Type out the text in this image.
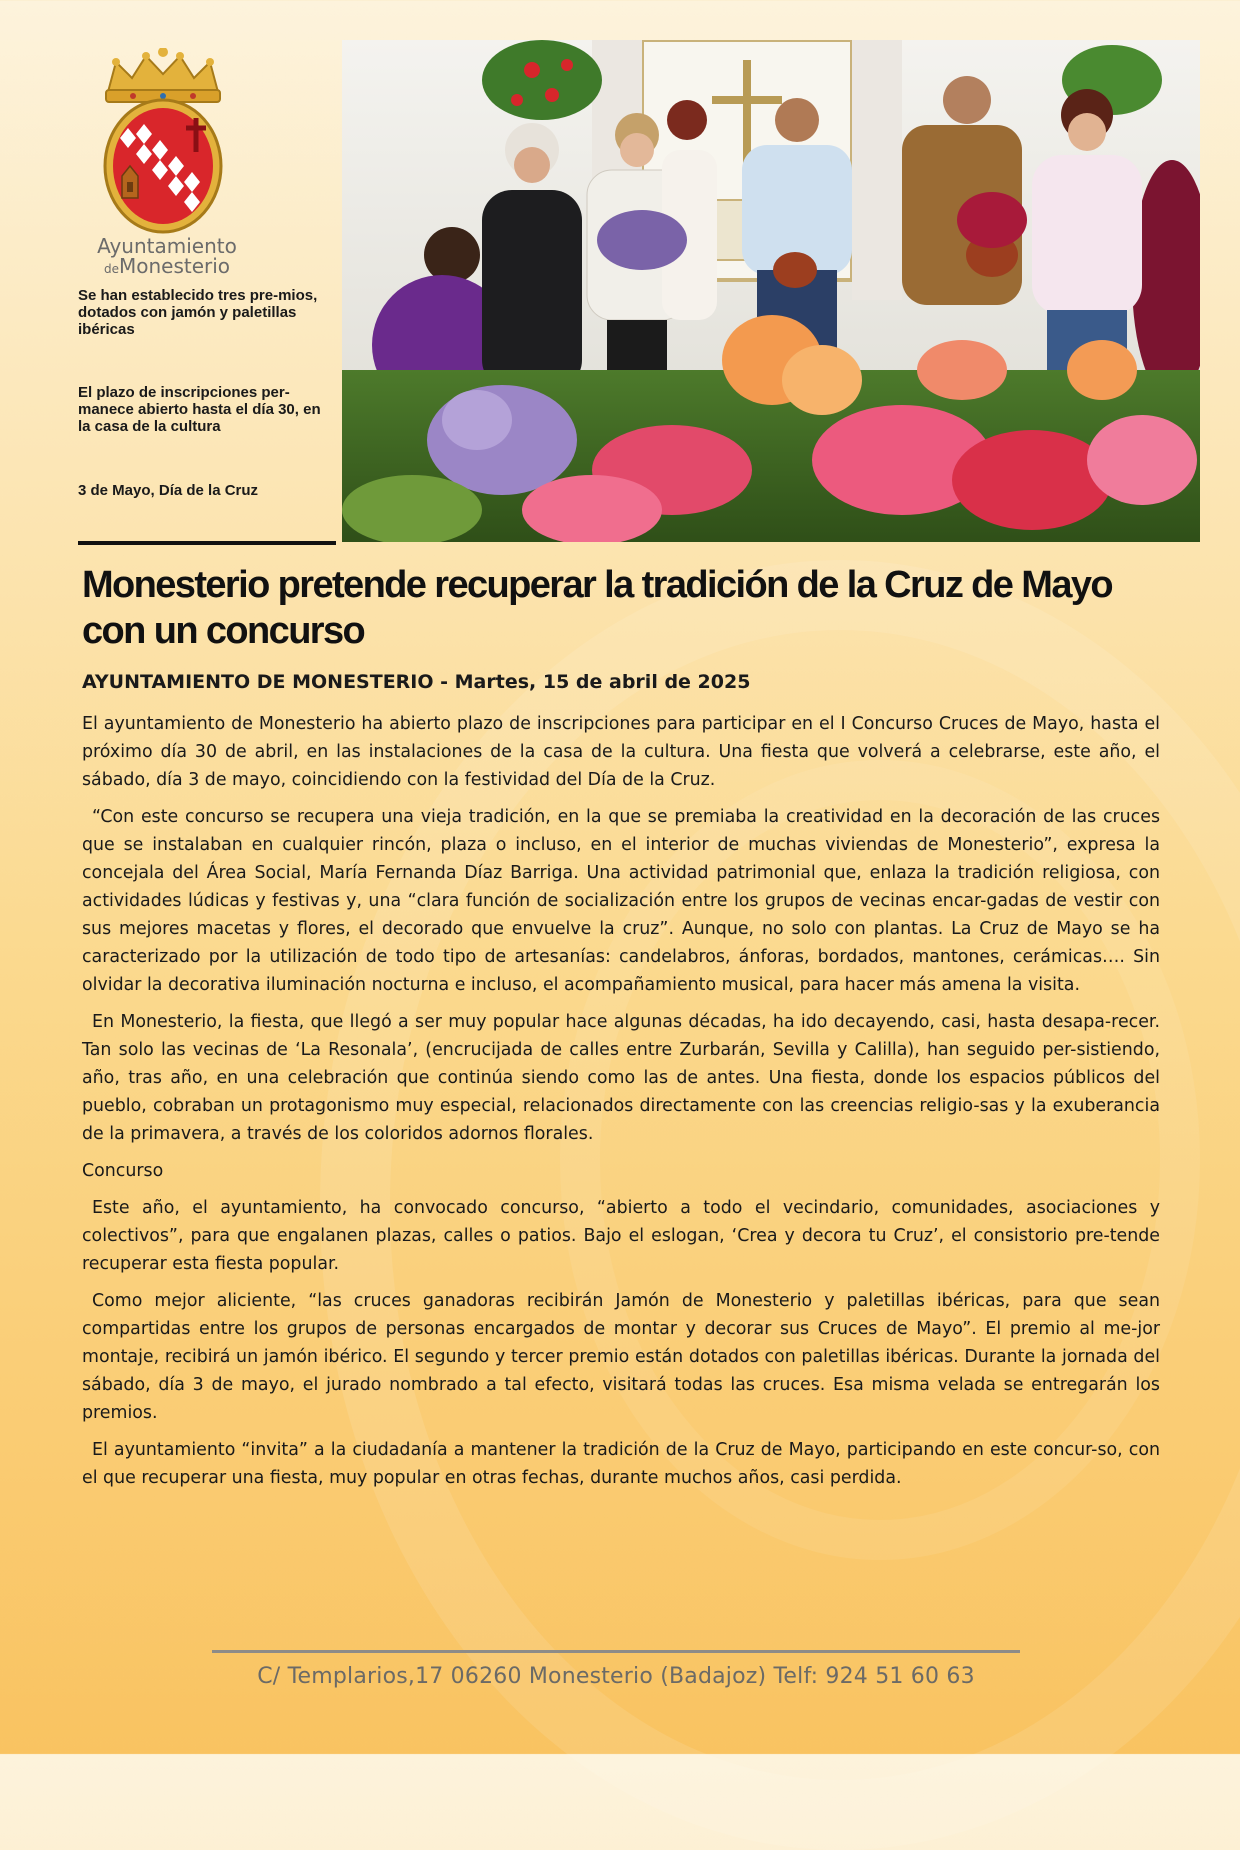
Ayuntamiento
deMonesterio
Se han establecido tres pre-mios, dotados con jamón y paletillas ibéricas
El plazo de inscripciones per-manece abierto hasta el día 30, en la casa de la cultura
3 de Mayo, Día de la Cruz
Monesterio pretende recuperar la tradición de la Cruz de Mayo con un concurso

AYUNTAMIENTO DE MONESTERIO - Martes, 15 de abril de 2025

El ayuntamiento de Monesterio ha abierto plazo de inscripciones para participar en el I Concurso Cruces de Mayo, hasta el próximo día 30 de abril, en las instalaciones de la casa de la cultura. Una fiesta que volverá a celebrarse, este año, el sábado, día 3 de mayo, coincidiendo con la festividad del Día de la Cruz.

“Con este concurso se recupera una vieja tradición, en la que se premiaba la creatividad en la decoración de las cruces que se instalaban en cualquier rincón, plaza o incluso, en el interior de muchas viviendas de Monesterio”, expresa la concejala del Área Social, María Fernanda Díaz Barriga. Una actividad patrimonial que, enlaza la tradición religiosa, con actividades lúdicas y festivas y, una “clara función de socialización entre los grupos de vecinas encar-gadas de vestir con sus mejores macetas y flores, el decorado que envuelve la cruz”. Aunque, no solo con plantas. La Cruz de Mayo se ha caracterizado por la utilización de todo tipo de artesanías: candelabros, ánforas, bordados, mantones, cerámicas…. Sin olvidar la decorativa iluminación nocturna e incluso, el acompañamiento musical, para hacer más amena la visita.

En Monesterio, la fiesta, que llegó a ser muy popular hace algunas décadas, ha ido decayendo, casi, hasta desapa-recer. Tan solo las vecinas de ‘La Resonala’, (encrucijada de calles entre Zurbarán, Sevilla y Calilla), han seguido per-sistiendo, año, tras año, en una celebración que continúa siendo como las de antes. Una fiesta, donde los espacios públicos del pueblo, cobraban un protagonismo muy especial, relacionados directamente con las creencias religio-sas y la exuberancia de la primavera, a través de los coloridos adornos florales.

Concurso

Este año, el ayuntamiento, ha convocado concurso, “abierto a todo el vecindario, comunidades, asociaciones y colectivos”, para que engalanen plazas, calles o patios. Bajo el eslogan, ‘Crea y decora tu Cruz’, el consistorio pre-tende recuperar esta fiesta popular.

Como mejor aliciente, “las cruces ganadoras recibirán Jamón de Monesterio y paletillas ibéricas, para que sean compartidas entre los grupos de personas encargados de montar y decorar sus Cruces de Mayo”. El premio al me-jor montaje, recibirá un jamón ibérico. El segundo y tercer premio están dotados con paletillas ibéricas. Durante la jornada del sábado, día 3 de mayo, el jurado nombrado a tal efecto, visitará todas las cruces. Esa misma velada se entregarán los premios.

El ayuntamiento “invita” a la ciudadanía a mantener la tradición de la Cruz de Mayo, participando en este concur-so, con el que recuperar una fiesta, muy popular en otras fechas, durante muchos años, casi perdida.

C/ Templarios,17 06260 Monesterio (Badajoz) Telf: 924 51 60 63
